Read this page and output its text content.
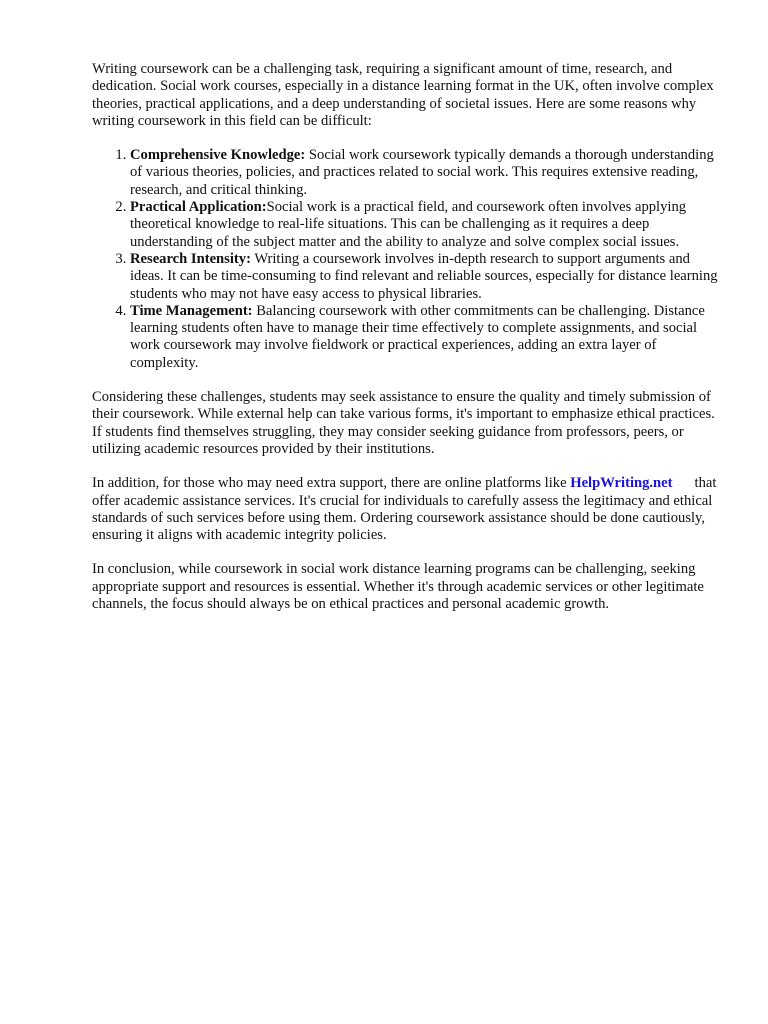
Writing coursework can be a challenging task, requiring a significant amount of time, research, and dedication. Social work courses, especially in a distance learning format in the UK, often involve complex theories, practical applications, and a deep understanding of societal issues. Here are some reasons why writing coursework in this field can be difficult:

1. Comprehensive Knowledge: Social work coursework typically demands a thorough understanding of various theories, policies, and practices related to social work. This requires extensive reading, research, and critical thinking.
2. Practical Application:Social work is a practical field, and coursework often involves applying theoretical knowledge to real-life situations. This can be challenging as it requires a deep understanding of the subject matter and the ability to analyze and solve complex social issues.
3. Research Intensity: Writing a coursework involves in-depth research to support arguments and ideas. It can be time-consuming to find relevant and reliable sources, especially for distance learning students who may not have easy access to physical libraries.
4. Time Management: Balancing coursework with other commitments can be challenging. Distance learning students often have to manage their time effectively to complete assignments, and social work coursework may involve fieldwork or practical experiences, adding an extra layer of complexity.

Considering these challenges, students may seek assistance to ensure the quality and timely submission of their coursework. While external help can take various forms, it's important to emphasize ethical practices. If students find themselves struggling, they may consider seeking guidance from professors, peers, or utilizing academic resources provided by their institutions.

In addition, for those who may need extra support, there are online platforms like HelpWriting.net that offer academic assistance services. It's crucial for individuals to carefully assess the legitimacy and ethical standards of such services before using them. Ordering coursework assistance should be done cautiously, ensuring it aligns with academic integrity policies.

In conclusion, while coursework in social work distance learning programs can be challenging, seeking appropriate support and resources is essential. Whether it's through academic services or other legitimate channels, the focus should always be on ethical practices and personal academic growth.
